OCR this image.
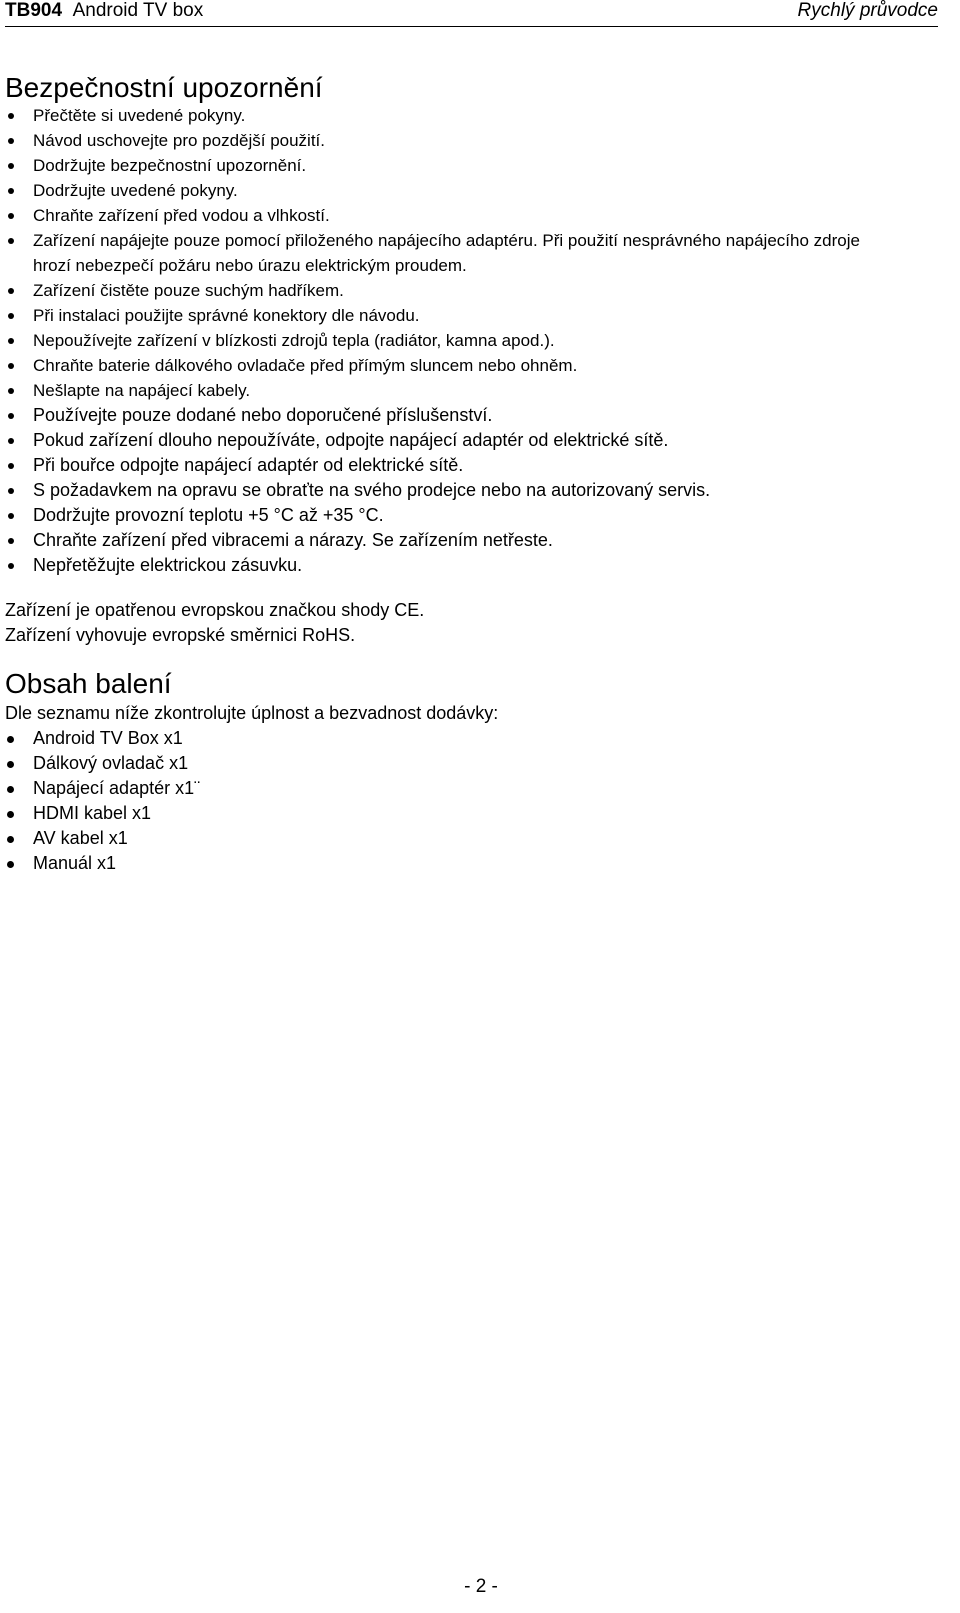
TB904 Android TV box	Rychlý průvodce
Bezpečnostní upozornění
Přečtěte si uvedené pokyny.
Návod uschovejte pro pozdější použití.
Dodržujte bezpečnostní upozornění.
Dodržujte uvedené pokyny.
Chraňte zařízení před vodou a vlhkostí.
Zařízení napájejte pouze pomocí přiloženého napájecího adaptéru. Při použití nesprávného napájecího zdroje hrozí nebezpečí požáru nebo úrazu elektrickým proudem.
Zařízení čistěte pouze suchým hadříkem.
Při instalaci použijte správné konektory dle návodu.
Nepoužívejte zařízení v blízkosti zdrojů tepla (radiátor, kamna apod.).
Chraňte baterie dálkového ovladače před přímým sluncem nebo ohněm.
Nešlapte na napájecí kabely.
Používejte pouze dodané nebo doporučené příslušenství.
Pokud zařízení dlouho nepoužíváte, odpojte napájecí adaptér od elektrické sítě.
Při bouřce odpojte napájecí adaptér od elektrické sítě.
S požadavkem na opravu se obraťte na svého prodejce nebo na autorizovaný servis.
Dodržujte provozní teplotu +5 °C až +35 °C.
Chraňte zařízení před vibracemi a nárazy. Se zařízením netřeste.
Nepřetěžujte elektrickou zásuvku.

Zařízení je opatřenou evropskou značkou shody CE.

Zařízení vyhovuje evropské směrnici RoHS.

Obsah balení

Dle seznamu níže zkontrolujte úplnost a bezvadnost dodávky:

Android TV Box x1
Dálkový ovladač x1
Napájecí adaptér x1¨
HDMI kabel x1
AV kabel x1
Manuál x1
- 2 -
